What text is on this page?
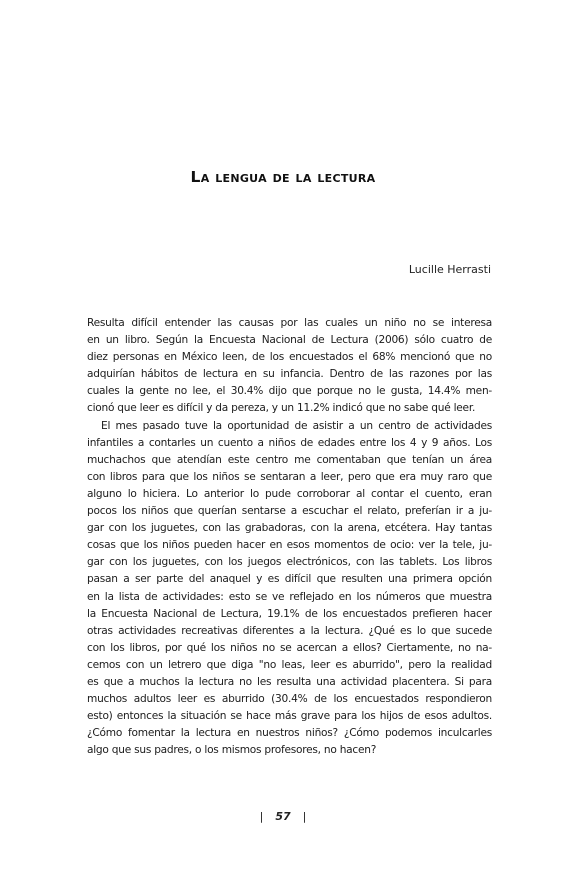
La lengua de la lectura
Lucille Herrasti

Resulta difícil entender las causas por las cuales un niño no se interesa
en un libro. Según la Encuesta Nacional de Lectura (2006) sólo cuatro de
diez personas en México leen, de los encuestados el 68% mencionó que no
adquirían hábitos de lectura en su infancia. Dentro de las razones por las
cuales la gente no lee, el 30.4% dijo que porque no le gusta, 14.4% men-
cionó que leer es difícil y da pereza, y un 11.2% indicó que no sabe qué leer.

El mes pasado tuve la oportunidad de asistir a un centro de actividades
infantiles a contarles un cuento a niños de edades entre los 4 y 9 años. Los
muchachos que atendían este centro me comentaban que tenían un área
con libros para que los niños se sentaran a leer, pero que era muy raro que
alguno lo hiciera. Lo anterior lo pude corroborar al contar el cuento, eran
pocos los niños que querían sentarse a escuchar el relato, preferían ir a ju-
gar con los juguetes, con las grabadoras, con la arena, etcétera. Hay tantas
cosas que los niños pueden hacer en esos momentos de ocio: ver la tele, ju-
gar con los juguetes, con los juegos electrónicos, con las tablets. Los libros
pasan a ser parte del anaquel y es difícil que resulten una primera opción
en la lista de actividades: esto se ve reflejado en los números que muestra
la Encuesta Nacional de Lectura, 19.1% de los encuestados prefieren hacer
otras actividades recreativas diferentes a la lectura. ¿Qué es lo que sucede
con los libros, por qué los niños no se acercan a ellos? Ciertamente, no na-
cemos con un letrero que diga "no leas, leer es aburrido", pero la realidad
es que a muchos la lectura no les resulta una actividad placentera. Si para
muchos adultos leer es aburrido (30.4% de los encuestados respondieron
esto) entonces la situación se hace más grave para los hijos de esos adultos.
¿Cómo fomentar la lectura en nuestros niños? ¿Cómo podemos inculcarles
algo que sus padres, o los mismos profesores, no hacen?

| 57 |
